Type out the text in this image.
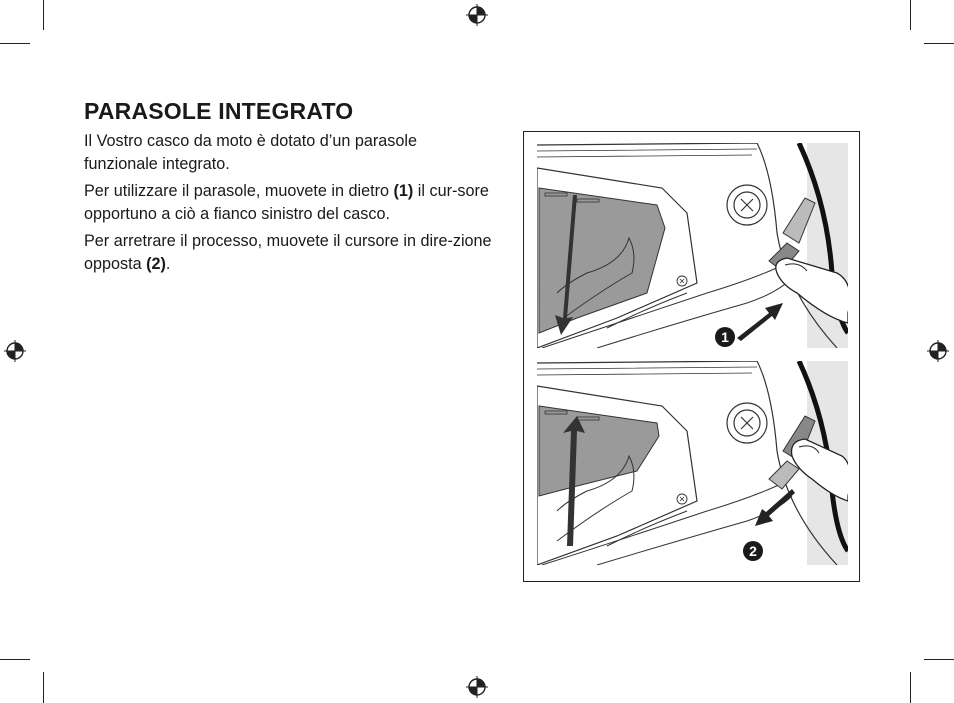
PARASOLE INTEGRATO

Il Vostro casco da moto è dotato d’un parasole funzionale integrato.

Per utilizzare il parasole, muovete in dietro (1) il cur-sore opportuno a ciò a fianco sinistro del casco.

Per arretrare il processo, muovete il cursore in dire-zione opposta (2).

1
2
